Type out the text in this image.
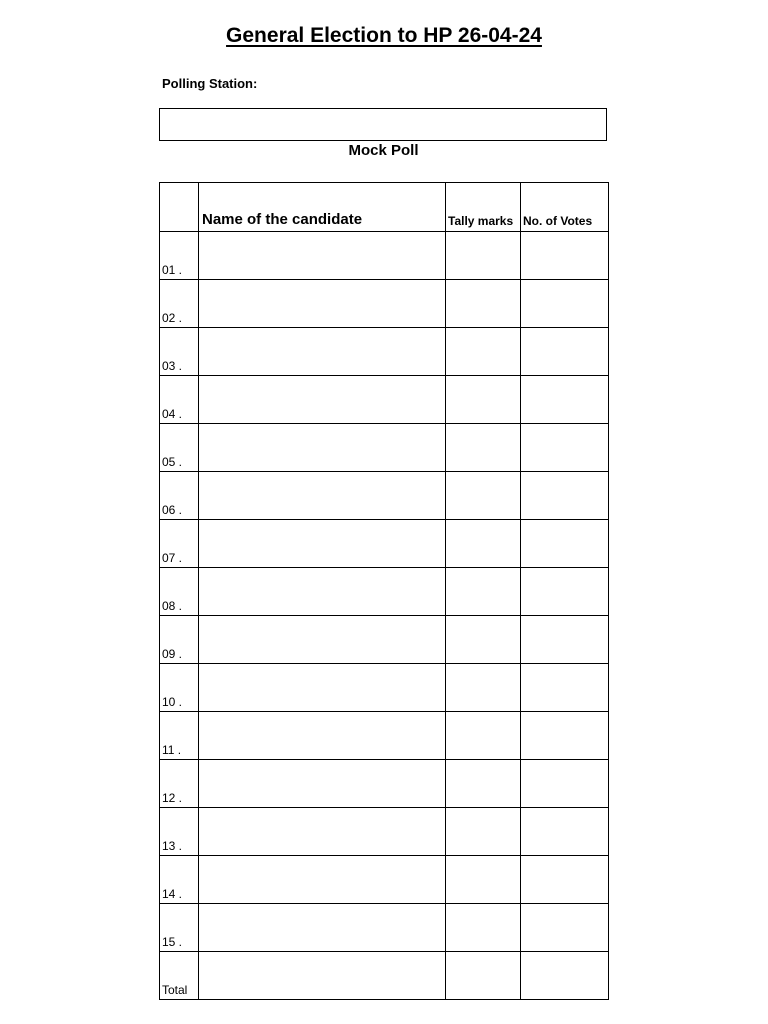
General Election to HP 26-04-24
Polling Station:
Mock Poll
	Name of the candidate	Tally marks	No. of Votes
01 .			
02 .			
03 .			
04 .			
05 .			
06 .			
07 .			
08 .			
09 .			
10 .			
11 .			
12 .			
13 .			
14 .			
15 .			
Total			
